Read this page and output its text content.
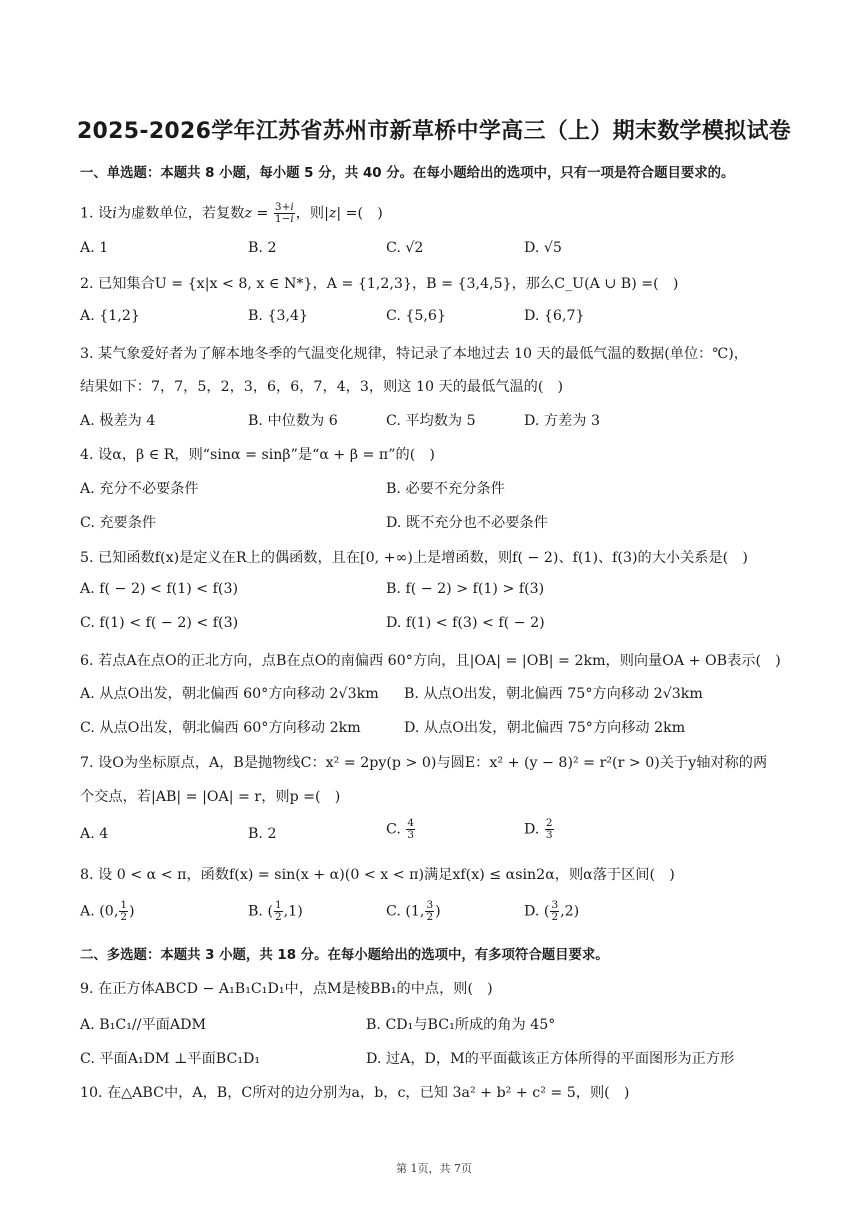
2025-2026学年江苏省苏州市新草桥中学高三（上）期末数学模拟试卷
一、单选题：本题共 8 小题，每小题 5 分，共 40 分。在每小题给出的选项中，只有一项是符合题目要求的。
1. 设i为虚数单位，若复数$z = \frac{3+i}{1-i}$ ，则|z| =(　)
A. 1	B. 2	C. √2	D. √5
2. 已知集合U = {x|x < 8, x ∈ N*}，A = {1,2,3}，B = {3,4,5}，那么C_U(A ∪ B) =(　)
A. {1,2}	B. {3,4}	C. {5,6}	D. {6,7}
3. 某气象爱好者为了解本地冬季的气温变化规律，特记录了本地过去 10 天的最低气温的数据(单位：℃)，
结果如下：7，7，5，2，3，6，6，7，4，3，则这 10 天的最低气温的(　)
A. 极差为 4	B. 中位数为 6	C. 平均数为 5	D. 方差为 3
4. 设α，β ∈ R，则“sinα = sinβ”是“α + β = π”的(　)
A. 充分不必要条件	B. 必要不充分条件
C. 充要条件	D. 既不充分也不必要条件
5. 已知函数f(x)是定义在R上的偶函数，且在[0, +∞)上是增函数，则f( − 2)、f(1)、f(3)的大小关系是(　)
A. f( − 2) < f(1) < f(3)	B. f( − 2) > f(1) > f(3)
C. f(1) < f( − 2) < f(3)	D. f(1) < f(3) < f( − 2)
6. 若点A在点O的正北方向，点B在点O的南偏西 60°方向，且|OA| = |OB| = 2km，则向量OA + OB表示(　)
A. 从点O出发，朝北偏西 60°方向移动 2√3km B. 从点O出发，朝北偏西 75°方向移动 2√3km
C. 从点O出发，朝北偏西 60°方向移动 2km	D. 从点O出发，朝北偏西 75°方向移动 2km
7. 设O为坐标原点，A，B是抛物线C：x² = 2py(p > 0)与圆E：x² + (y − 8)² = r²(r > 0)关于y轴对称的两
个交点，若|AB| = |OA| = r，则p =(　)
A. 4	B. 2	C. $\frac{4}{3}$	D. $\frac{2}{3}$
8. 设 0 < α < π，函数f(x) = sin(x + α)(0 < x < π)满足xf(x) ≤ αsin2α，则α落于区间(　)
A. (0, $\frac{1}{2}$ )	B. ( $\frac{1}{2} ,1$)	C. (1, $\frac{3}{2}$ )	D. ( $\frac{3}{2} ,2$)
二、多选题：本题共 3 小题，共 18 分。在每小题给出的选项中，有多项符合题目要求。
9. 在正方体ABCD − A₁B₁C₁D₁中，点M是棱BB₁的中点，则(　)
A. B₁C₁//平面ADM	B. CD₁与BC₁所成的角为 45°
C. 平面A₁DM ⊥平面BC₁D₁	D. 过A，D，M的平面截该正方体所得的平面图形为正方形
10. 在△ABC中，A，B，C所对的边分别为a，b，c，已知 3a² + b² + c² = 5，则(　)
第 1页，共 7页
